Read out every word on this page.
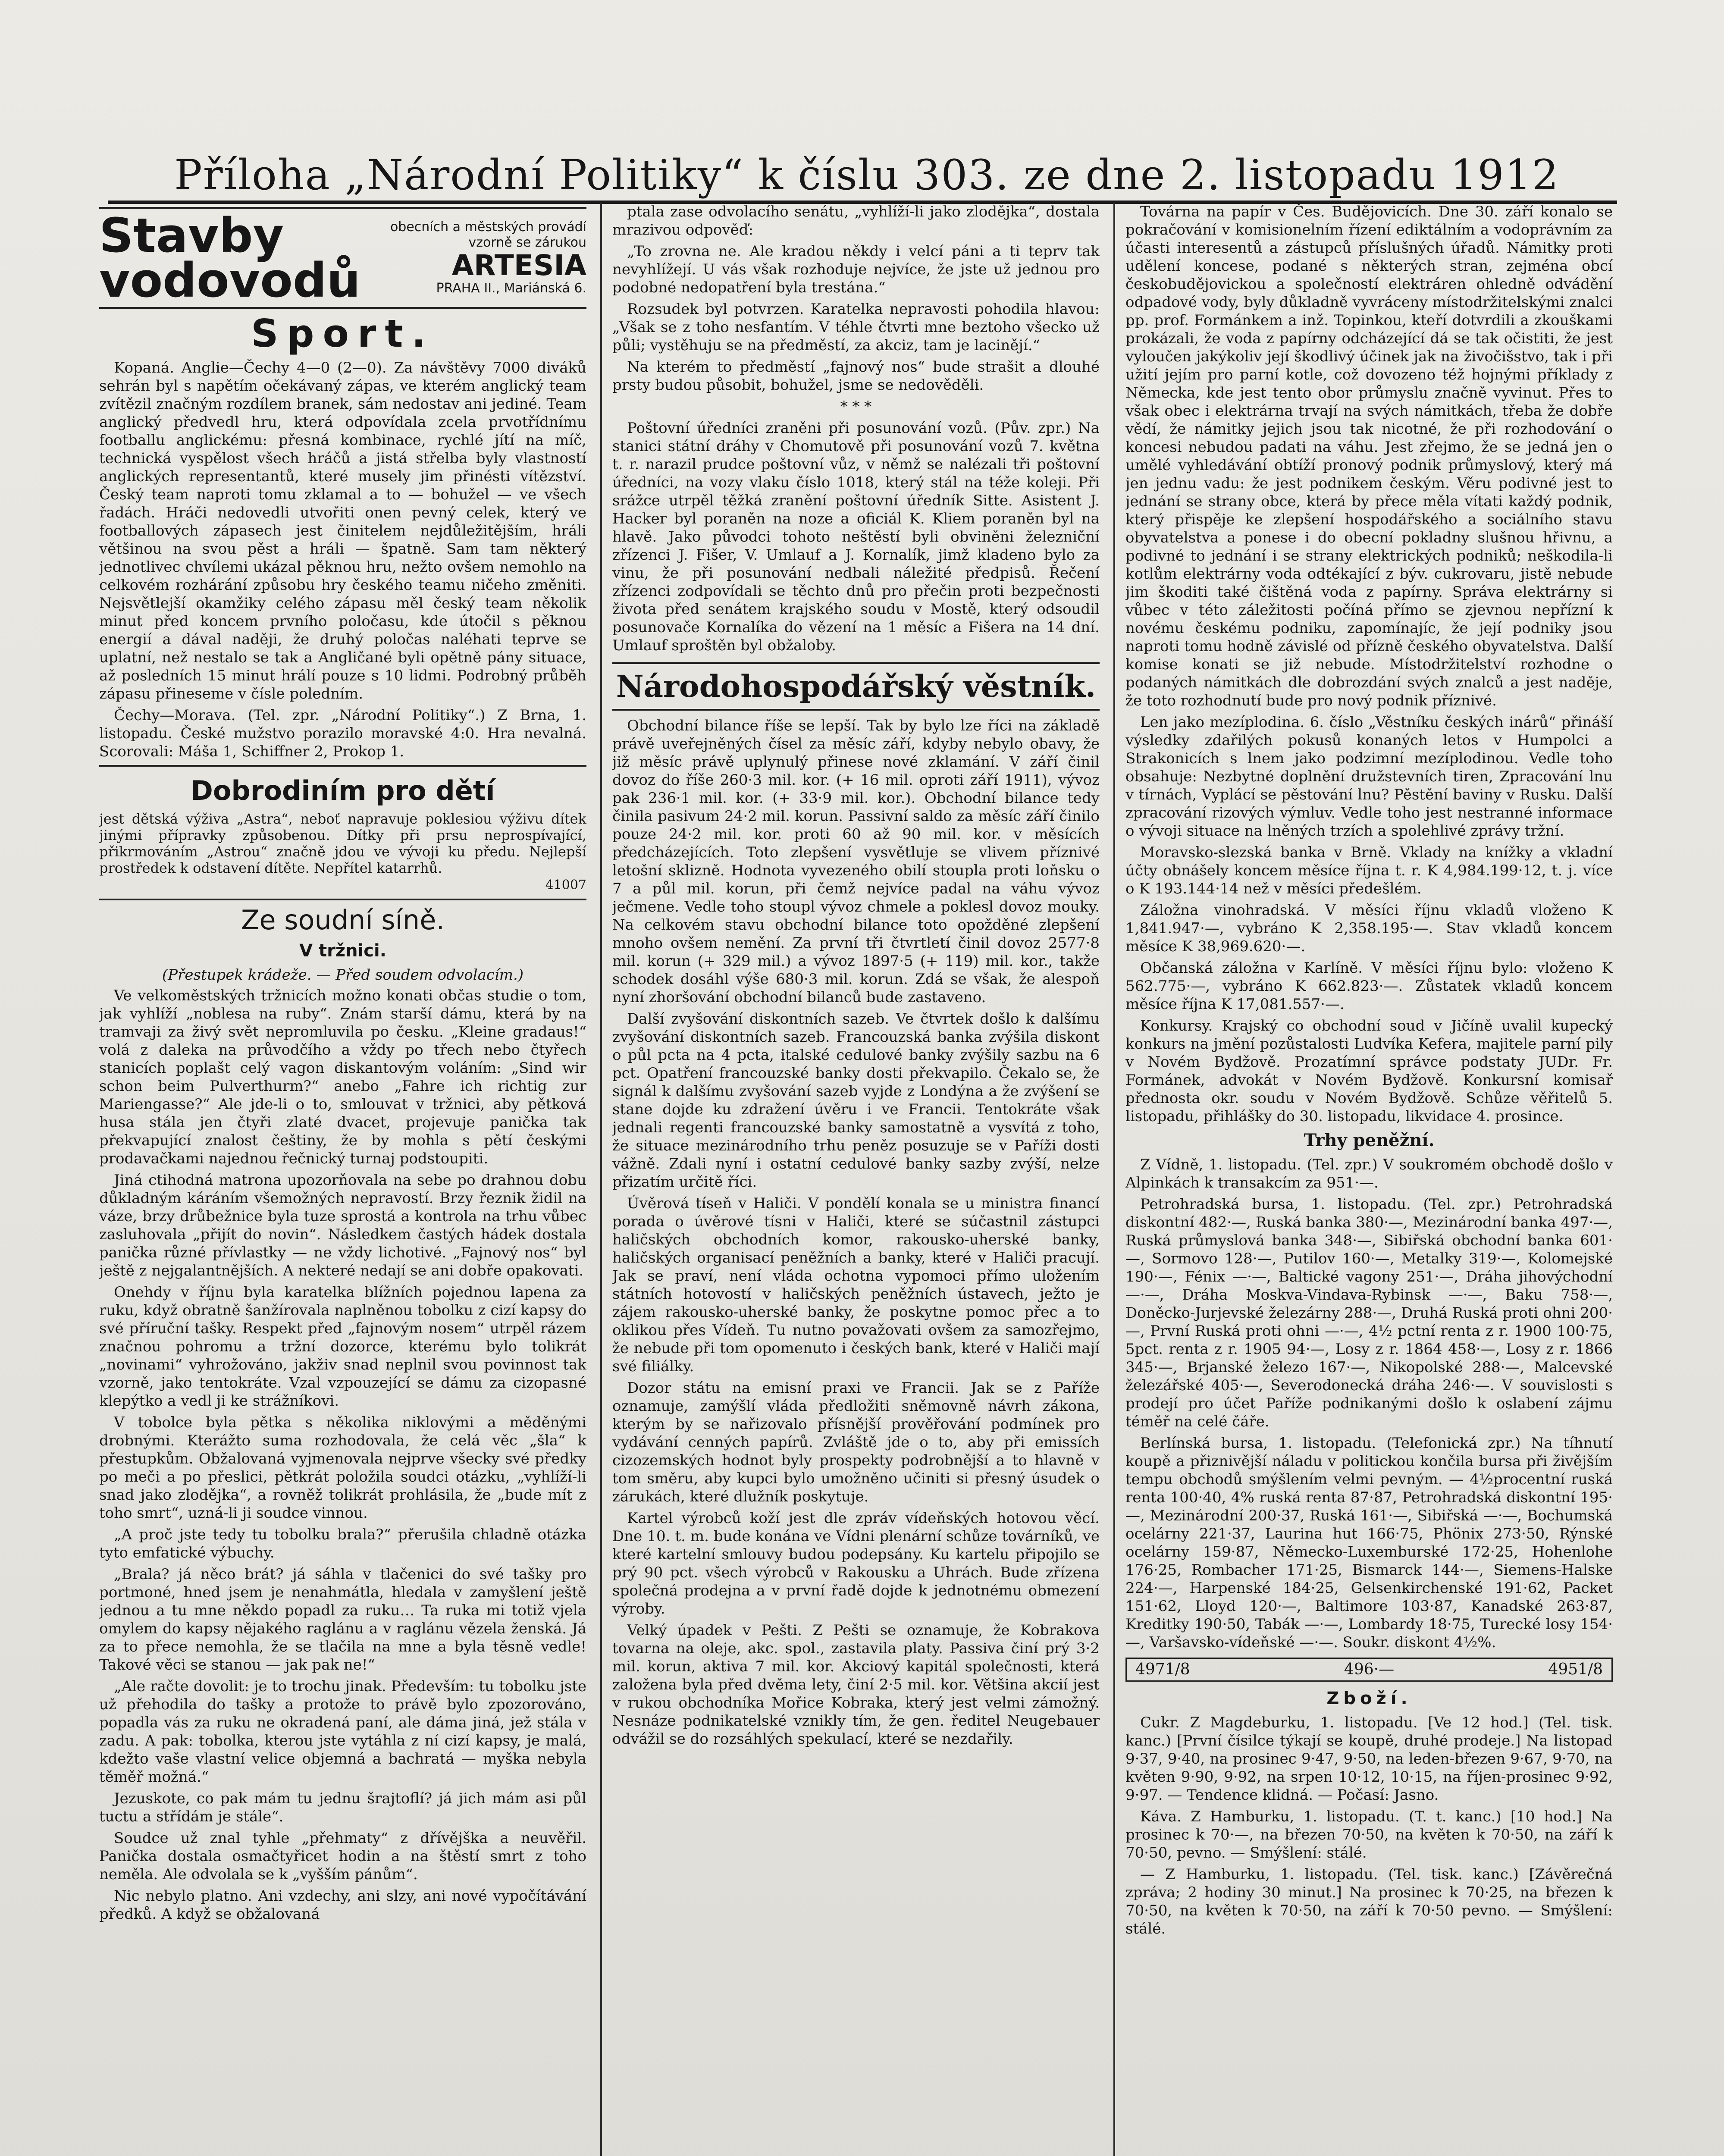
Příloha „Národní Politiky“ k číslu 303. ze dne 2. listopadu 1912
Stavby
vodovodů
obecních a městských provádí vzorně se zárukou
ARTESIA
PRAHA II., Mariánská 6.
Sport.

Kopaná. Anglie—Čechy 4—0 (2—0). Za návštěvy 7000 diváků sehrán byl s napětím očekávaný zápas, ve kterém anglický team zvítězil značným rozdílem branek, sám nedostav ani jediné. Team anglický předvedl hru, která odpovídala zcela prvotřídnímu footballu anglickému: přesná kombinace, rychlé jítí na míč, technická vyspělost všech hráčů a jistá střelba byly vlastností anglických representantů, které musely jim přinésti vítězství. Český team naproti tomu zklamal a to — bohužel — ve všech řadách. Hráči nedovedli utvořiti onen pevný celek, který ve footballových zápasech jest činitelem nejdůležitějším, hráli většinou na svou pěst a hráli — špatně. Sam tam některý jednotlivec chvílemi ukázal pěknou hru, nežto ovšem nemohlo na celkovém rozhárání způsobu hry českého teamu ničeho změniti. Nejsvětlejší okamžiky celého zápasu měl český team několik minut před koncem prvního poločasu, kde útočil s pěknou energií a dával naději, že druhý poločas naléhati teprve se uplatní, než nestalo se tak a Angličané byli opětně pány situace, až posledních 15 minut hrálí pouze s 10 lidmi. Podrobný průběh zápasu přineseme v čísle poledním.

Čechy—Morava. (Tel. zpr. „Národní Politiky“.) Z Brna, 1. listopadu. České mužstvo porazilo moravské 4:0. Hra nevalná. Scorovali: Máša 1, Schiffner 2, Prokop 1.

Dobrodiním pro dětí
jest dětská výživa „Astra“, neboť napravuje poklesiou výživu dítek jinými přípravky způsobenou. Dítky při prsu neprospívající, přikrmováním „Astrou“ značně jdou ve vývoji ku předu. Nejlepší prostředek k odstavení dítěte. Nepřítel katarrhů.
41007
Ze soudní síně.
V tržnici.
(Přestupek krádeže. — Před soudem odvolacím.)

Ve velkoměstských tržnicích možno konati občas studie o tom, jak vyhlíží „noblesa na ruby“. Znám starší dámu, která by na tramvaji za živý svět nepromluvila po česku. „Kleine gradaus!“ volá z daleka na průvodčího a vždy po třech nebo čtyřech stanicích poplašt celý vagon diskantovým voláním: „Sind wir schon beim Pulverthurm?“ anebo „Fahre ich richtig zur Mariengasse?“ Ale jde-li o to, smlouvat v tržnici, aby pětková husa stála jen čtyři zlaté dvacet, projevuje panička tak překvapující znalost češtiny, že by mohla s pětí českými prodavačkami najednou řečnický turnaj podstoupiti.

Jiná ctihodná matrona upozorňovala na sebe po drahnou dobu důkladným káráním všemožných nepravostí. Brzy řeznik židil na váze, brzy drůbežnice byla tuze sprostá a kontrola na trhu vůbec zasluhovala „přijít do novin“. Následkem častých hádek dostala panička různé přívlastky — ne vždy lichotivé. „Fajnový nos“ byl ještě z nejgalantnějších. A nekteré nedají se ani dobře opakovati.

Onehdy v říjnu byla karatelka blížních pojednou lapena za ruku, když obratně šanžírovala naplněnou tobolku z cizí kapsy do své příruční tašky. Respekt před „fajnovým nosem“ utrpěl rázem značnou pohromu a tržní dozorce, kterému bylo tolikrát „novinami“ vyhrožováno, jakživ snad neplnil svou povinnost tak vzorně, jako tentokráte. Vzal vzpouzející se dámu za cizopasné klepýtko a vedl ji ke strážníkovi.

V tobolce byla pětka s několika niklovými a měděnými drobnými. Kterážto suma rozhodovala, že celá věc „šla“ k přestupkům. Obžalovaná vyjmenovala nejprve všecky své předky po meči a po přeslici, pětkrát položila soudci otázku, „vyhlíží-li snad jako zlodějka“, a rovněž tolikrát prohlásila, že „bude mít z toho smrt“, uzná-li ji soudce vinnou.

„A proč jste tedy tu tobolku brala?“ přerušila chladně otázka tyto emfatické výbuchy.

„Brala? já něco brát? já sáhla v tlačenici do své tašky pro portmoné, hned jsem je nenahmátla, hledala v zamyšlení ještě jednou a tu mne někdo popadl za ruku… Ta ruka mi totiž vjela omylem do kapsy nějakého raglánu a v raglánu vězela ženská. Já za to přece nemohla, že se tlačila na mne a byla těsně vedle! Takové věci se stanou — jak pak ne!“

„Ale račte dovolit: je to trochu jinak. Především: tu tobolku jste už přehodila do tašky a protože to právě bylo zpozorováno, popadla vás za ruku ne okradená paní, ale dáma jiná, jež stála v zadu. A pak: tobolka, kterou jste vytáhla z ní cizí kapsy, je malá, kdežto vaše vlastní velice objemná a bachratá — myška nebyla těměř možná.“

Jezuskote, co pak mám tu jednu šrajtoflí? já jich mám asi půl tuctu a střídám je stále“.

Soudce už znal tyhle „přehmaty“ z dřívějška a neuvěřil. Panička dostala osmačtyřicet hodin a na štěstí smrt z toho neměla. Ale odvolala se k „vyšším pánům“.

Nic nebylo platno. Ani vzdechy, ani slzy, ani nové vypočítávání předků. A když se obžalovaná

ptala zase odvolacího senátu, „vyhlíží-li jako zlodějka“, dostala mrazivou odpověď:

„To zrovna ne. Ale kradou někdy i velcí páni a ti teprv tak nevyhlížejí. U vás však rozhoduje nejvíce, že jste už jednou pro podobné nedopatření byla trestána.“

Rozsudek byl potvrzen. Karatelka nepravosti pohodila hlavou: „Však se z toho nesfantím. V téhle čtvrti mne beztoho všecko už půli; vystěhuju se na předměstí, za akciz, tam je lacinějí.“

Na kterém to předměstí „fajnový nos“ bude strašit a dlouhé prsty budou působit, bohužel, jsme se nedověděli.

* * *

Poštovní úředníci zraněni při posunování vozů. (Pův. zpr.) Na stanici státní dráhy v Chomutově při posunování vozů 7. května t. r. narazil prudce poštovní vůz, v němž se nalézali tři poštovní úředníci, na vozy vlaku číslo 1018, který stál na téže koleji. Při srážce utrpěl těžká zranění poštovní úředník Sitte. Asistent J. Hacker byl poraněn na noze a oficiál K. Kliem poraněn byl na hlavě. Jako původci tohoto neštěstí byli obviněni železniční zřízenci J. Fišer, V. Umlauf a J. Kornalík, jimž kladeno bylo za vinu, že při posunování nedbali náležité předpisů. Řečení zřízenci zodpovídali se těchto dnů pro přečin proti bezpečnosti života před senátem krajského soudu v Mostě, který odsoudil posunovače Kornalíka do vězení na 1 měsíc a Fišera na 14 dní. Umlauf sproštěn byl obžaloby.

Národohospodářský věstník.

Obchodní bilance říše se lepší. Tak by bylo lze říci na základě právě uveřejněných čísel za měsíc září, kdyby nebylo obavy, že již měsíc právě uplynulý přinese nové zklamání. V září činil dovoz do říše 260·3 mil. kor. (+ 16 mil. oproti září 1911), vývoz pak 236·1 mil. kor. (+ 33·9 mil. kor.). Obchodní bilance tedy činila pasivum 24·2 mil. korun. Passivní saldo za měsíc září činilo pouze 24·2 mil. kor. proti 60 až 90 mil. kor. v měsících předcházejících. Toto zlepšení vysvětluje se vlivem příznivé letošní sklizně. Hodnota vyvezeného obilí stoupla proti loňsku o 7 a půl mil. korun, při čemž nejvíce padal na váhu vývoz ječmene. Vedle toho stoupl vývoz chmele a poklesl dovoz mouky. Na celkovém stavu obchodní bilance toto opožděné zlepšení mnoho ovšem nemění. Za první tři čtvrtletí činil dovoz 2577·8 mil. korun (+ 329 mil.) a vývoz 1897·5 (+ 119) mil. kor., takže schodek dosáhl výše 680·3 mil. korun. Zdá se však, že alespoň nyní zhoršování obchodní bilanců bude zastaveno.

Další zvyšování diskontních sazeb. Ve čtvrtek došlo k dalšímu zvyšování diskontních sazeb. Francouzská banka zvýšila diskont o půl pcta na 4 pcta, italské cedulové banky zvýšily sazbu na 6 pct. Opatření francouzské banky dosti překvapilo. Čekalo se, že signál k dalšímu zvyšování sazeb vyjde z Londýna a že zvýšení se stane dojde ku zdražení úvěru i ve Francii. Tentokráte však jednali regenti francouzské banky samostatně a vysvítá z toho, že situace mezinárodního trhu peněz posuzuje se v Paříži dosti vážně. Zdali nyní i ostatní cedulové banky sazby zvýší, nelze přizatím určitě říci.

Úvěrová tíseň v Haliči. V pondělí konala se u ministra financí porada o úvěrové tísni v Haliči, které se súčastnil zástupci haličských obchodních komor, rakousko-uherské banky, haličských organisací peněžních a banky, které v Haliči pracují. Jak se praví, není vláda ochotna vypomoci přímo uložením státních hotovostí v haličských peněžních ústavech, ježto je zájem rakousko-uherské banky, že poskytne pomoc přec a to oklikou přes Vídeň. Tu nutno považovati ovšem za samozřejmo, že nebude při tom opomenuto i českých bank, které v Haliči mají své filiálky.

Dozor státu na emisní praxi ve Francii. Jak se z Paříže oznamuje, zamýšlí vláda předložiti sněmovně návrh zákona, kterým by se nařizovalo přísnější prověřování podmínek pro vydávání cenných papírů. Zvláště jde o to, aby při emissích cizozemských hodnot byly prospekty podrobnější a to hlavně v tom směru, aby kupci bylo umožněno učiniti si přesný úsudek o zárukách, které dlužník poskytuje.

Kartel výrobců koží jest dle zpráv vídeňských hotovou věcí. Dne 10. t. m. bude konána ve Vídni plenární schůze továrníků, ve které kartelní smlouvy budou podepsány. Ku kartelu připojilo se prý 90 pct. všech výrobců v Rakousku a Uhrách. Bude zřízena společná prodejna a v první řadě dojde k jednotnému obmezení výroby.

Velký úpadek v Pešti. Z Pešti se oznamuje, že Kobrakova tovarna na oleje, akc. spol., zastavila platy. Passiva činí prý 3·2 mil. korun, aktiva 7 mil. kor. Akciový kapitál společnosti, která založena byla před dvěma lety, činí 2·5 mil. kor. Většina akcií jest v rukou obchodníka Mořice Kobraka, který jest velmi zámožný. Nesnáze podnikatelské vznikly tím, že gen. ředitel Neugebauer odvážil se do rozsáhlých spekulací, které se nezdařily.

Továrna na papír v Čes. Budějovicích. Dne 30. září konalo se pokračování v komisionelním řízení ediktálním a vodoprávním za účasti interesentů a zástupců příslušných úřadů. Námitky proti udělení koncese, podané s některých stran, zejména obcí českobudějovickou a společností elektráren ohledně odvádění odpadové vody, byly důkladně vyvráceny místodržitelskými znalci pp. prof. Formánkem a inž. Topinkou, kteří dotvrdili a zkouškami prokázali, že voda z papírny odcházející dá se tak očistiti, že jest vyloučen jakýkoliv její škodlivý účinek jak na živočišstvo, tak i při užití jejím pro parní kotle, což dovozeno též hojnými příklady z Německa, kde jest tento obor průmyslu značně vyvinut. Přes to však obec i elektrárna trvají na svých námitkách, třeba že dobře vědí, že námitky jejich jsou tak nicotné, že při rozhodování o koncesi nebudou padati na váhu. Jest zřejmo, že se jedná jen o umělé vyhledávání obtíží pronový podnik průmyslový, který má jen jednu vadu: že jest podnikem českým. Věru podivné jest to jednání se strany obce, která by přece měla vítati každý podnik, který přispěje ke zlepšení hospodářského a sociálního stavu obyvatelstva a ponese i do obecní pokladny slušnou hřivnu, a podivné to jednání i se strany elektrických podniků; neškodila-li kotlům elektrárny voda odtékající z býv. cukrovaru, jistě nebude jim škoditi také čištěná voda z papírny. Správa elektrárny si vůbec v této záležitosti počíná přímo se zjevnou nepřízní k novému českému podniku, zapomínajíc, že její podniky jsou naproti tomu hodně závislé od přízně českého obyvatelstva. Další komise konati se již nebude. Místodržitelství rozhodne o podaných námitkách dle dobrozdání svých znalců a jest naděje, že toto rozhodnutí bude pro nový podnik příznivé.

Len jako mezíplodina. 6. číslo „Věstníku českých inárů“ přináší výsledky zdařilých pokusů konaných letos v Humpolci a Strakonicích s lnem jako podzimní mezíplodinou. Vedle toho obsahuje: Nezbytné doplnění družstevních tiren, Zpracování lnu v tírnách, Vyplácí se pěstování lnu? Pěstění baviny v Rusku. Další zpracování rizových výmluv. Vedle toho jest nestranné informace o vývoji situace na lněných trzích a spolehlivé zprávy tržní.

Moravsko-slezská banka v Brně. Vklady na knížky a vkladní účty obnášely koncem měsíce října t. r. K 4,984.199·12, t. j. více o K 193.144·14 než v měsíci předešlém.

Záložna vinohradská. V měsíci říjnu vkladů vloženo K 1,841.947·—, vybráno K 2,358.195·—. Stav vkladů koncem měsíce K 38,969.620·—.

Občanská záložna v Karlíně. V měsíci říjnu bylo: vloženo K 562.775·—, vybráno K 662.823·—. Zůstatek vkladů koncem měsíce října K 17,081.557·—.

Konkursy. Krajský co obchodní soud v Jičíně uvalil kupecký konkurs na jmění pozůstalosti Ludvíka Kefera, majitele parní pily v Novém Bydžově. Prozatímní správce podstaty JUDr. Fr. Formánek, advokát v Novém Bydžově. Konkursní komisař přednosta okr. soudu v Novém Bydžově. Schůze věřitelů 5. listopadu, přihlášky do 30. listopadu, likvidace 4. prosince.

Trhy peněžní.

Z Vídně, 1. listopadu. (Tel. zpr.) V soukromém obchodě došlo v Alpinkách k transakcím za 951·—.

Petrohradská bursa, 1. listopadu. (Tel. zpr.) Petrohradská diskontní 482·—, Ruská banka 380·—, Mezinárodní banka 497·—, Ruská průmyslová banka 348·—, Sibiřská obchodní banka 601·—, Sormovo 128·—, Putilov 160·—, Metalky 319·—, Kolomejské 190·—, Fénix —·—, Baltické vagony 251·—, Dráha jihovýchodní —·—, Dráha Moskva-Vindava-Rybinsk —·—, Baku 758·—, Doněcko-Jurjevské železárny 288·—, Druhá Ruská proti ohni 200·—, První Ruská proti ohni —·—, 4½ pctní renta z r. 1900 100·75, 5pct. renta z r. 1905 94·—, Losy z r. 1864 458·—, Losy z r. 1866 345·—, Brjanské železo 167·—, Nikopolské 288·—, Malcevské železářské 405·—, Severodonecká dráha 246·—. V souvislosti s prodejí pro účet Paříže podnikanými došlo k oslabení zájmu téměř na celé čáře.

Berlínská bursa, 1. listopadu. (Telefonická zpr.) Na tíhnutí koupě a přiznivější náladu v politickou končila bursa při živějším tempu obchodů smýšlením velmi pevným. — 4½procentní ruská renta 100·40, 4% ruská renta 87·87, Petrohradská diskontní 195·—, Mezinárodní 200·37, Ruská 161·—, Sibiřská —·—, Bochumská ocelárny 221·37, Laurina hut 166·75, Phönix 273·50, Rýnské ocelárny 159·87, Německo-Luxemburské 172·25, Hohenlohe 176·25, Rombacher 171·25, Bismarck 144·—, Siemens-Halske 224·—, Harpenské 184·25, Gelsenkirchenské 191·62, Packet 151·62, Lloyd 120·—, Baltimore 103·87, Kanadské 263·87, Kreditky 190·50, Tabák —·—, Lombardy 18·75, Turecké losy 154·—, Varšavsko-vídeňské —·—. Soukr. diskont 4½%.

4971/8	496·—	4951/8
Zboží.

Cukr. Z Magdeburku, 1. listopadu. [Ve 12 hod.] (Tel. tisk. kanc.) [První čísilce týkají se koupě, druhé prodeje.] Na listopad 9·37, 9·40, na prosinec 9·47, 9·50, na leden-březen 9·67, 9·70, na květen 9·90, 9·92, na srpen 10·12, 10·15, na říjen-prosinec 9·92, 9·97. — Tendence klidná. — Počasí: Jasno.

Káva. Z Hamburku, 1. listopadu. (T. t. kanc.) [10 hod.] Na prosinec k 70·—, na březen 70·50, na květen k 70·50, na září k 70·50, pevno. — Smýšlení: stálé.

— Z Hamburku, 1. listopadu. (Tel. tisk. kanc.) [Závěrečná zpráva; 2 hodiny 30 minut.] Na prosinec k 70·25, na březen k 70·50, na květen k 70·50, na září k 70·50 pevno. — Smýšlení: stálé.
